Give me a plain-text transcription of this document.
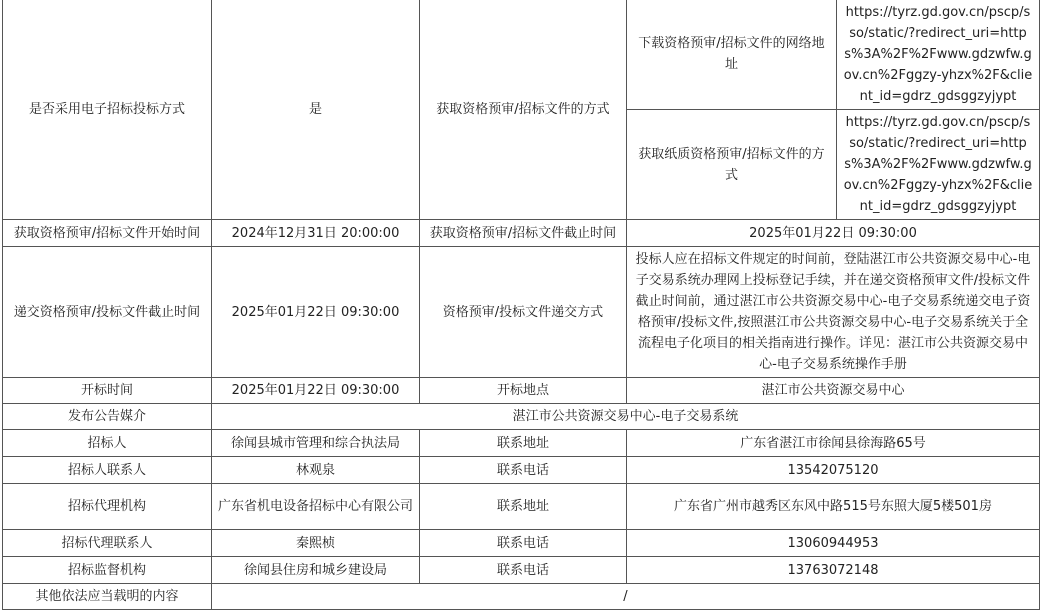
是否采用电子招标投标方式	是	获取资格预审/招标文件的方式	下载资格预审/招标文件的网络地址	https://tyrz.gd.gov.cn/pscp/sso/static/?redirect_uri=https%3A%2F%2Fwww.gdzwfw.gov.cn%2Fggzy-yhzx%2F&client_id=gdrz_gdsggzyjypt
			获取纸质资格预审/招标文件的方式	https://tyrz.gd.gov.cn/pscp/sso/static/?redirect_uri=https%3A%2F%2Fwww.gdzwfw.gov.cn%2Fggzy-yhzx%2F&client_id=gdrz_gdsggzyjypt
获取资格预审/招标文件开始时间	2024年12月31日 20:00:00	获取资格预审/招标文件截止时间	2025年01月22日 09:30:00	
递交资格预审/投标文件截止时间	2025年01月22日 09:30:00	资格预审/投标文件递交方式	投标人应在招标文件规定的时间前，登陆湛江市公共资源交易中心-电子交易系统办理网上投标登记手续，并在递交资格预审文件/投标文件截止时间前，通过湛江市公共资源交易中心-电子交易系统递交电子资格预审/投标文件,按照湛江市公共资源交易中心-电子交易系统关于全流程电子化项目的相关指南进行操作。详见：湛江市公共资源交易中心-电子交易系统操作手册	
开标时间	2025年01月22日 09:30:00	开标地点	湛江市公共资源交易中心	
发布公告媒介	湛江市公共资源交易中心-电子交易系统			
招标人	徐闻县城市管理和综合执法局	联系地址	广东省湛江市徐闻县徐海路65号	
招标人联系人	林观泉	联系电话	13542075120	
招标代理机构	广东省机电设备招标中心有限公司	联系地址	广东省广州市越秀区东风中路515号东照大厦5楼501房	
招标代理联系人	秦熙桢	联系电话	13060944953	
招标监督机构	徐闻县住房和城乡建设局	联系电话	13763072148	
其他依法应当载明的内容	/			
